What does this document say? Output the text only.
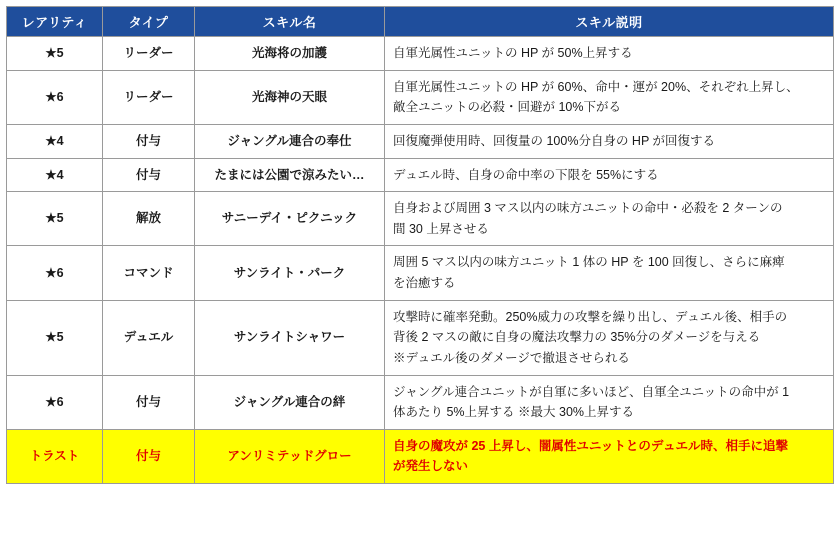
レアリティ	タイプ	スキル名	スキル説明
★5	リーダー	光海将の加護	自軍光属性ユニットの HP が 50%上昇する

★6	リーダー	光海神の天眼	自軍光属性ユニットの HP が 60%、命中・運が 20%、それぞれ上昇し、
敵全ユニットの必殺・回避が 10%下がる

★4	付与	ジャングル連合の奉仕	回復魔弾使用時、回復量の 100%分自身の HP が回復する

★4	付与	たまには公園で涼みたい…	デュエル時、自身の命中率の下限を 55%にする

★5	解放	サニーデイ・ピクニック	自身および周囲 3 マス以内の味方ユニットの命中・必殺を 2 ターンの
間 30 上昇させる

★6	コマンド	サンライト・パーク	周囲 5 マス以内の味方ユニット 1 体の HP を 100 回復し、さらに麻痺
を治癒する

★5	デュエル	サンライトシャワー	攻撃時に確率発動。250%威力の攻撃を繰り出し、デュエル後、相手の
背後 2 マスの敵に自身の魔法攻撃力の 35%分のダメージを与える
※デュエル後のダメージで撤退させられる

★6	付与	ジャングル連合の絆	ジャングル連合ユニットが自軍に多いほど、自軍全ユニットの命中が 1
体あたり 5%上昇する ※最大 30%上昇する

トラスト	付与	アンリミテッドグロー	自身の魔攻が 25 上昇し、闇属性ユニットとのデュエル時、相手に追撃
が発生しない
